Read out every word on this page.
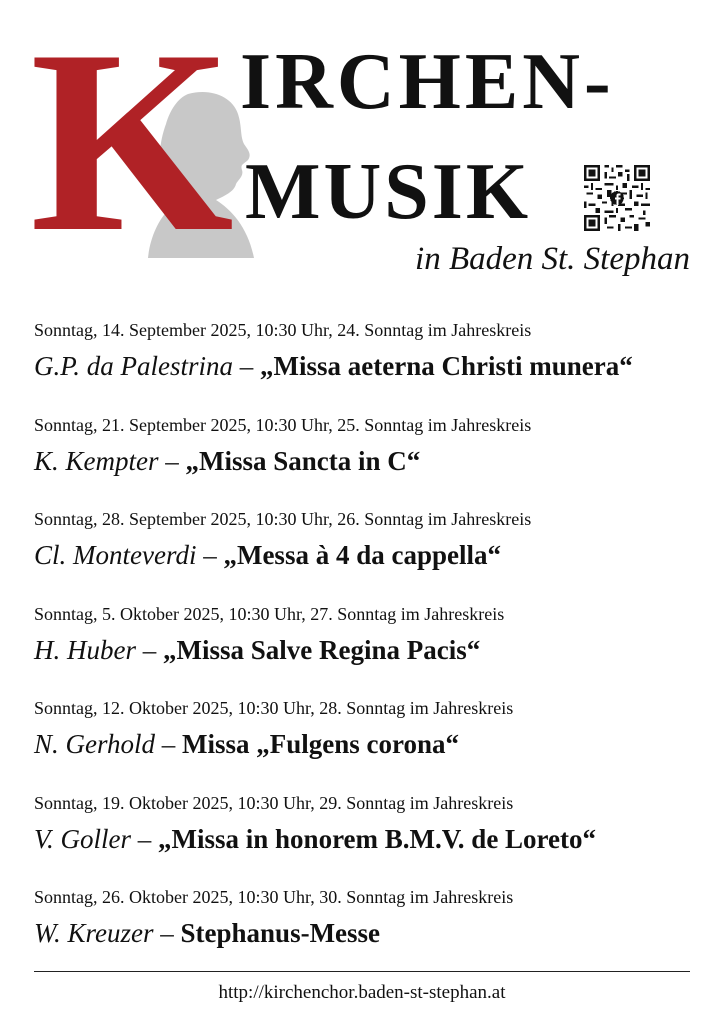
K IRCHEN-
MUSIK
in Baden St. Stephan
Sonntag, 14. September 2025, 10:30 Uhr, 24. Sonntag im Jahreskreis
G.P. da Palestrina – „Missa aeterna Christi munera“
Sonntag, 21. September 2025, 10:30 Uhr, 25. Sonntag im Jahreskreis
K. Kempter – „Missa Sancta in C“
Sonntag, 28. September 2025, 10:30 Uhr, 26. Sonntag im Jahreskreis
Cl. Monteverdi – „Messa à 4 da cappella“
Sonntag, 5. Oktober 2025, 10:30 Uhr, 27. Sonntag im Jahreskreis
H. Huber – „Missa Salve Regina Pacis“
Sonntag, 12. Oktober 2025, 10:30 Uhr, 28. Sonntag im Jahreskreis
N. Gerhold – Missa „Fulgens corona“
Sonntag, 19. Oktober 2025, 10:30 Uhr, 29. Sonntag im Jahreskreis
V. Goller – „Missa in honorem B.M.V. de Loreto“
Sonntag, 26. Oktober 2025, 10:30 Uhr, 30. Sonntag im Jahreskreis
W. Kreuzer – Stephanus-Messe
http://kirchenchor.baden-st-stephan.at
